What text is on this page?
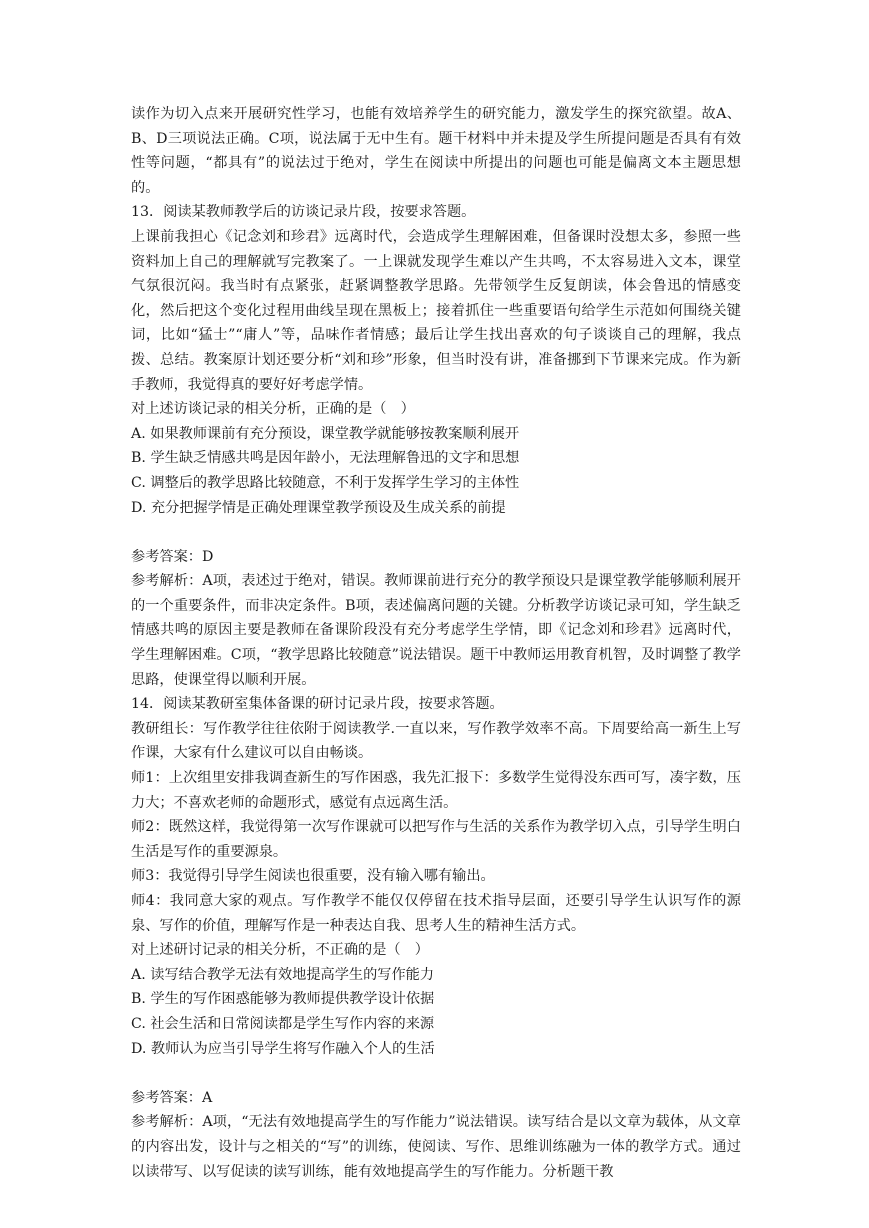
读作为切入点来开展研究性学习，也能有效培养学生的研究能力，激发学生的探究欲望。故A、B、D三项说法正确。C项，说法属于无中生有。题干材料中并未提及学生所提问题是否具有有效性等问题，“都具有”的说法过于绝对，学生在阅读中所提出的问题也可能是偏离文本主题思想的。

13．阅读某教师教学后的访谈记录片段，按要求答题。

上课前我担心《记念刘和珍君》远离时代，会造成学生理解困难，但备课时没想太多，参照一些资料加上自己的理解就写完教案了。一上课就发现学生难以产生共鸣，不太容易进入文本，课堂气氛很沉闷。我当时有点紧张，赶紧调整教学思路。先带领学生反复朗读，体会鲁迅的情感变化，然后把这个变化过程用曲线呈现在黑板上；接着抓住一些重要语句给学生示范如何围绕关键词，比如“猛士”“庸人”等，品味作者情感；最后让学生找出喜欢的句子谈谈自己的理解，我点拨、总结。教案原计划还要分析“刘和珍”形象，但当时没有讲，准备挪到下节课来完成。作为新手教师，我觉得真的要好好考虑学情。

对上述访谈记录的相关分析，正确的是（　）

A. 如果教师课前有充分预设，课堂教学就能够按教案顺利展开

B. 学生缺乏情感共鸣是因年龄小，无法理解鲁迅的文字和思想

C. 调整后的教学思路比较随意，不利于发挥学生学习的主体性

D. 充分把握学情是正确处理课堂教学预设及生成关系的前提

参考答案：D

参考解析：A项，表述过于绝对，错误。教师课前进行充分的教学预设只是课堂教学能够顺利展开的一个重要条件，而非决定条件。B项，表述偏离问题的关键。分析教学访谈记录可知，学生缺乏情感共鸣的原因主要是教师在备课阶段没有充分考虑学生学情，即《记念刘和珍君》远离时代，学生理解困难。C项，“教学思路比较随意”说法错误。题干中教师运用教育机智，及时调整了教学思路，使课堂得以顺利开展。

14．阅读某教研室集体备课的研讨记录片段，按要求答题。

教研组长：写作教学往往依附于阅读教学.一直以来，写作教学效率不高。下周要给高一新生上写作课，大家有什么建议可以自由畅谈。

师1：上次组里安排我调查新生的写作困惑，我先汇报下：多数学生觉得没东西可写，凑字数，压力大；不喜欢老师的命题形式，感觉有点远离生活。

师2：既然这样，我觉得第一次写作课就可以把写作与生活的关系作为教学切入点，引导学生明白生活是写作的重要源泉。

师3：我觉得引导学生阅读也很重要，没有输入哪有输出。

师4：我同意大家的观点。写作教学不能仅仅停留在技术指导层面，还要引导学生认识写作的源泉、写作的价值，理解写作是一种表达自我、思考人生的精神生活方式。

对上述研讨记录的相关分析，不正确的是（　）

A. 读写结合教学无法有效地提高学生的写作能力

B. 学生的写作困惑能够为教师提供教学设计依据

C. 社会生活和日常阅读都是学生写作内容的来源

D. 教师认为应当引导学生将写作融入个人的生活

参考答案：A

参考解析：A项，“无法有效地提高学生的写作能力”说法错误。读写结合是以文章为载体，从文章的内容出发，设计与之相关的“写”的训练，使阅读、写作、思维训练融为一体的教学方式。通过以读带写、以写促读的读写训练，能有效地提高学生的写作能力。分析题干教
